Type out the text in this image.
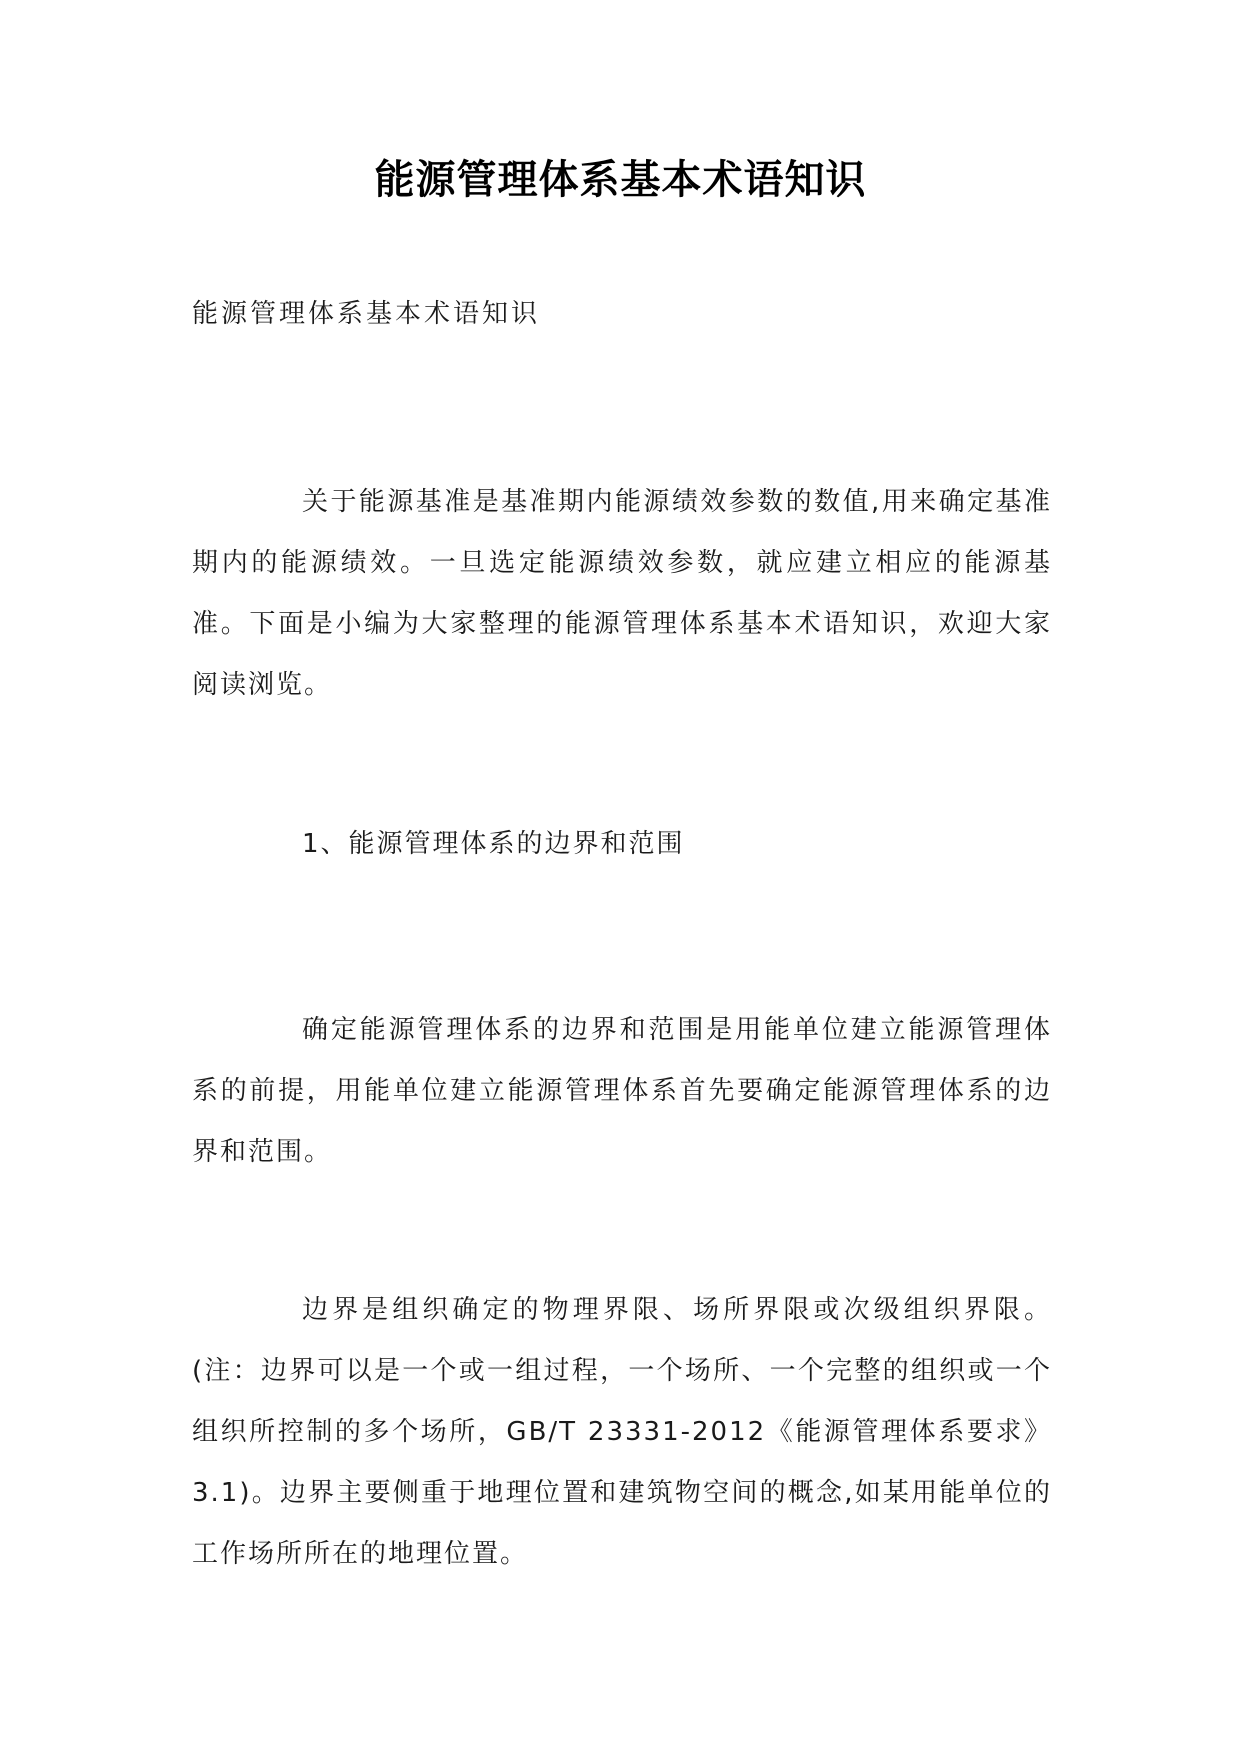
能源管理体系基本术语知识
能源管理体系基本术语知识

关于能源基准是基准期内能源绩效参数的数值,用来确定基准期内的能源绩效。一旦选定能源绩效参数，就应建立相应的能源基准。下面是小编为大家整理的能源管理体系基本术语知识，欢迎大家阅读浏览。

1、能源管理体系的边界和范围

确定能源管理体系的边界和范围是用能单位建立能源管理体系的前提，用能单位建立能源管理体系首先要确定能源管理体系的边界和范围。

边界是组织确定的物理界限、场所界限或次级组织界限。(注：边界可以是一个或一组过程，一个场所、一个完整的组织或一个组织所控制的多个场所，GB/T 23331-2012《能源管理体系要求》3.1)。边界主要侧重于地理位置和建筑物空间的概念,如某用能单位的工作场所所在的地理位置。
